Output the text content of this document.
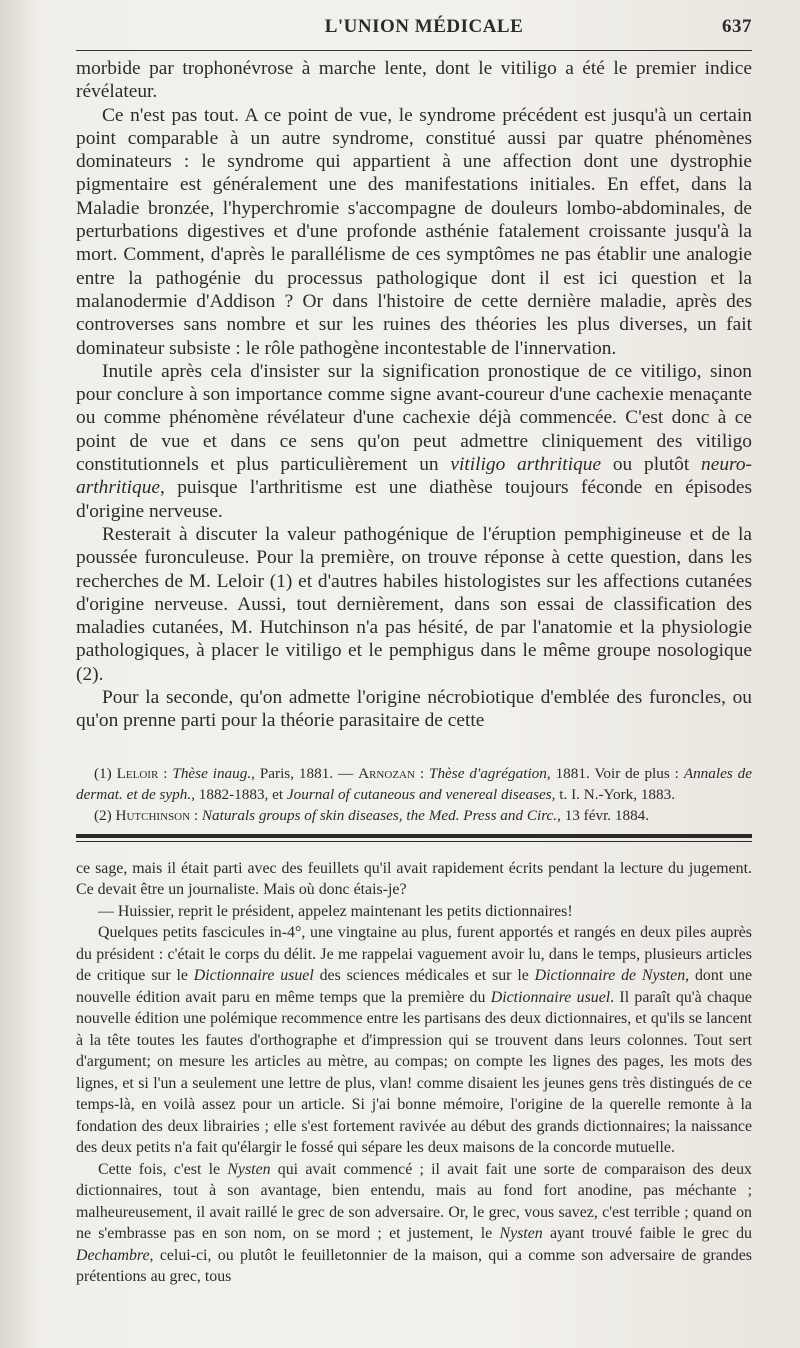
L'UNION MÉDICALE	637

morbide par trophonévrose à marche lente, dont le vitiligo a été le premier indice révélateur.

Ce n'est pas tout. A ce point de vue, le syndrome précédent est jusqu'à un certain point comparable à un autre syndrome, constitué aussi par quatre phénomènes dominateurs : le syndrome qui appartient à une affection dont une dystrophie pigmentaire est généralement une des manifestations initiales. En effet, dans la Maladie bronzée, l'hyperchromie s'accompagne de douleurs lombo-abdominales, de perturbations digestives et d'une profonde asthénie fatalement croissante jusqu'à la mort. Comment, d'après le parallélisme de ces symptômes ne pas établir une analogie entre la pathogénie du processus pathologique dont il est ici question et la malanodermie d'Addison ? Or dans l'histoire de cette dernière maladie, après des controverses sans nombre et sur les ruines des théories les plus diverses, un fait dominateur subsiste : le rôle pathogène incontestable de l'innervation.

Inutile après cela d'insister sur la signification pronostique de ce vitiligo, sinon pour conclure à son importance comme signe avant-coureur d'une cachexie menaçante ou comme phénomène révélateur d'une cachexie déjà commencée. C'est donc à ce point de vue et dans ce sens qu'on peut admettre cliniquement des vitiligo constitutionnels et plus particulièrement un vitiligo arthritique ou plutôt neuro-arthritique, puisque l'arthritisme est une diathèse toujours féconde en épisodes d'origine nerveuse.

Resterait à discuter la valeur pathogénique de l'éruption pemphigineuse et de la poussée furonculeuse. Pour la première, on trouve réponse à cette question, dans les recherches de M. Leloir (1) et d'autres habiles histologistes sur les affections cutanées d'origine nerveuse. Aussi, tout dernièrement, dans son essai de classification des maladies cutanées, M. Hutchinson n'a pas hésité, de par l'anatomie et la physiologie pathologiques, à placer le vitiligo et le pemphigus dans le même groupe nosologique (2).

Pour la seconde, qu'on admette l'origine nécrobiotique d'emblée des furoncles, ou qu'on prenne parti pour la théorie parasitaire de cette

(1) Leloir : Thèse inaug., Paris, 1881. — Arnozan : Thèse d'agrégation, 1881. Voir de plus : Annales de dermat. et de syph., 1882-1883, et Journal of cutaneous and venereal diseases, t. I. N.-York, 1883.

(2) Hutchinson : Naturals groups of skin diseases, the Med. Press and Circ., 13 févr. 1884.

ce sage, mais il était parti avec des feuillets qu'il avait rapidement écrits pendant la lecture du jugement. Ce devait être un journaliste. Mais où donc étais-je?

— Huissier, reprit le président, appelez maintenant les petits dictionnaires!

Quelques petits fascicules in-4°, une vingtaine au plus, furent apportés et rangés en deux piles auprès du président : c'était le corps du délit. Je me rappelai vaguement avoir lu, dans le temps, plusieurs articles de critique sur le Dictionnaire usuel des sciences médicales et sur le Dictionnaire de Nysten, dont une nouvelle édition avait paru en même temps que la première du Dictionnaire usuel. Il paraît qu'à chaque nouvelle édition une polémique recommence entre les partisans des deux dictionnaires, et qu'ils se lancent à la tête toutes les fautes d'orthographe et d'impression qui se trouvent dans leurs colonnes. Tout sert d'argument; on mesure les articles au mètre, au compas; on compte les lignes des pages, les mots des lignes, et si l'un a seulement une lettre de plus, vlan! comme disaient les jeunes gens très distingués de ce temps-là, en voilà assez pour un article. Si j'ai bonne mémoire, l'origine de la querelle remonte à la fondation des deux librairies ; elle s'est fortement ravivée au début des grands dictionnaires; la naissance des deux petits n'a fait qu'élargir le fossé qui sépare les deux maisons de la concorde mutuelle.

Cette fois, c'est le Nysten qui avait commencé ; il avait fait une sorte de comparaison des deux dictionnaires, tout à son avantage, bien entendu, mais au fond fort anodine, pas méchante ; malheureusement, il avait raillé le grec de son adversaire. Or, le grec, vous savez, c'est terrible ; quand on ne s'embrasse pas en son nom, on se mord ; et justement, le Nysten ayant trouvé faible le grec du Dechambre, celui-ci, ou plutôt le feuilletonnier de la maison, qui a comme son adversaire de grandes prétentions au grec, tous
